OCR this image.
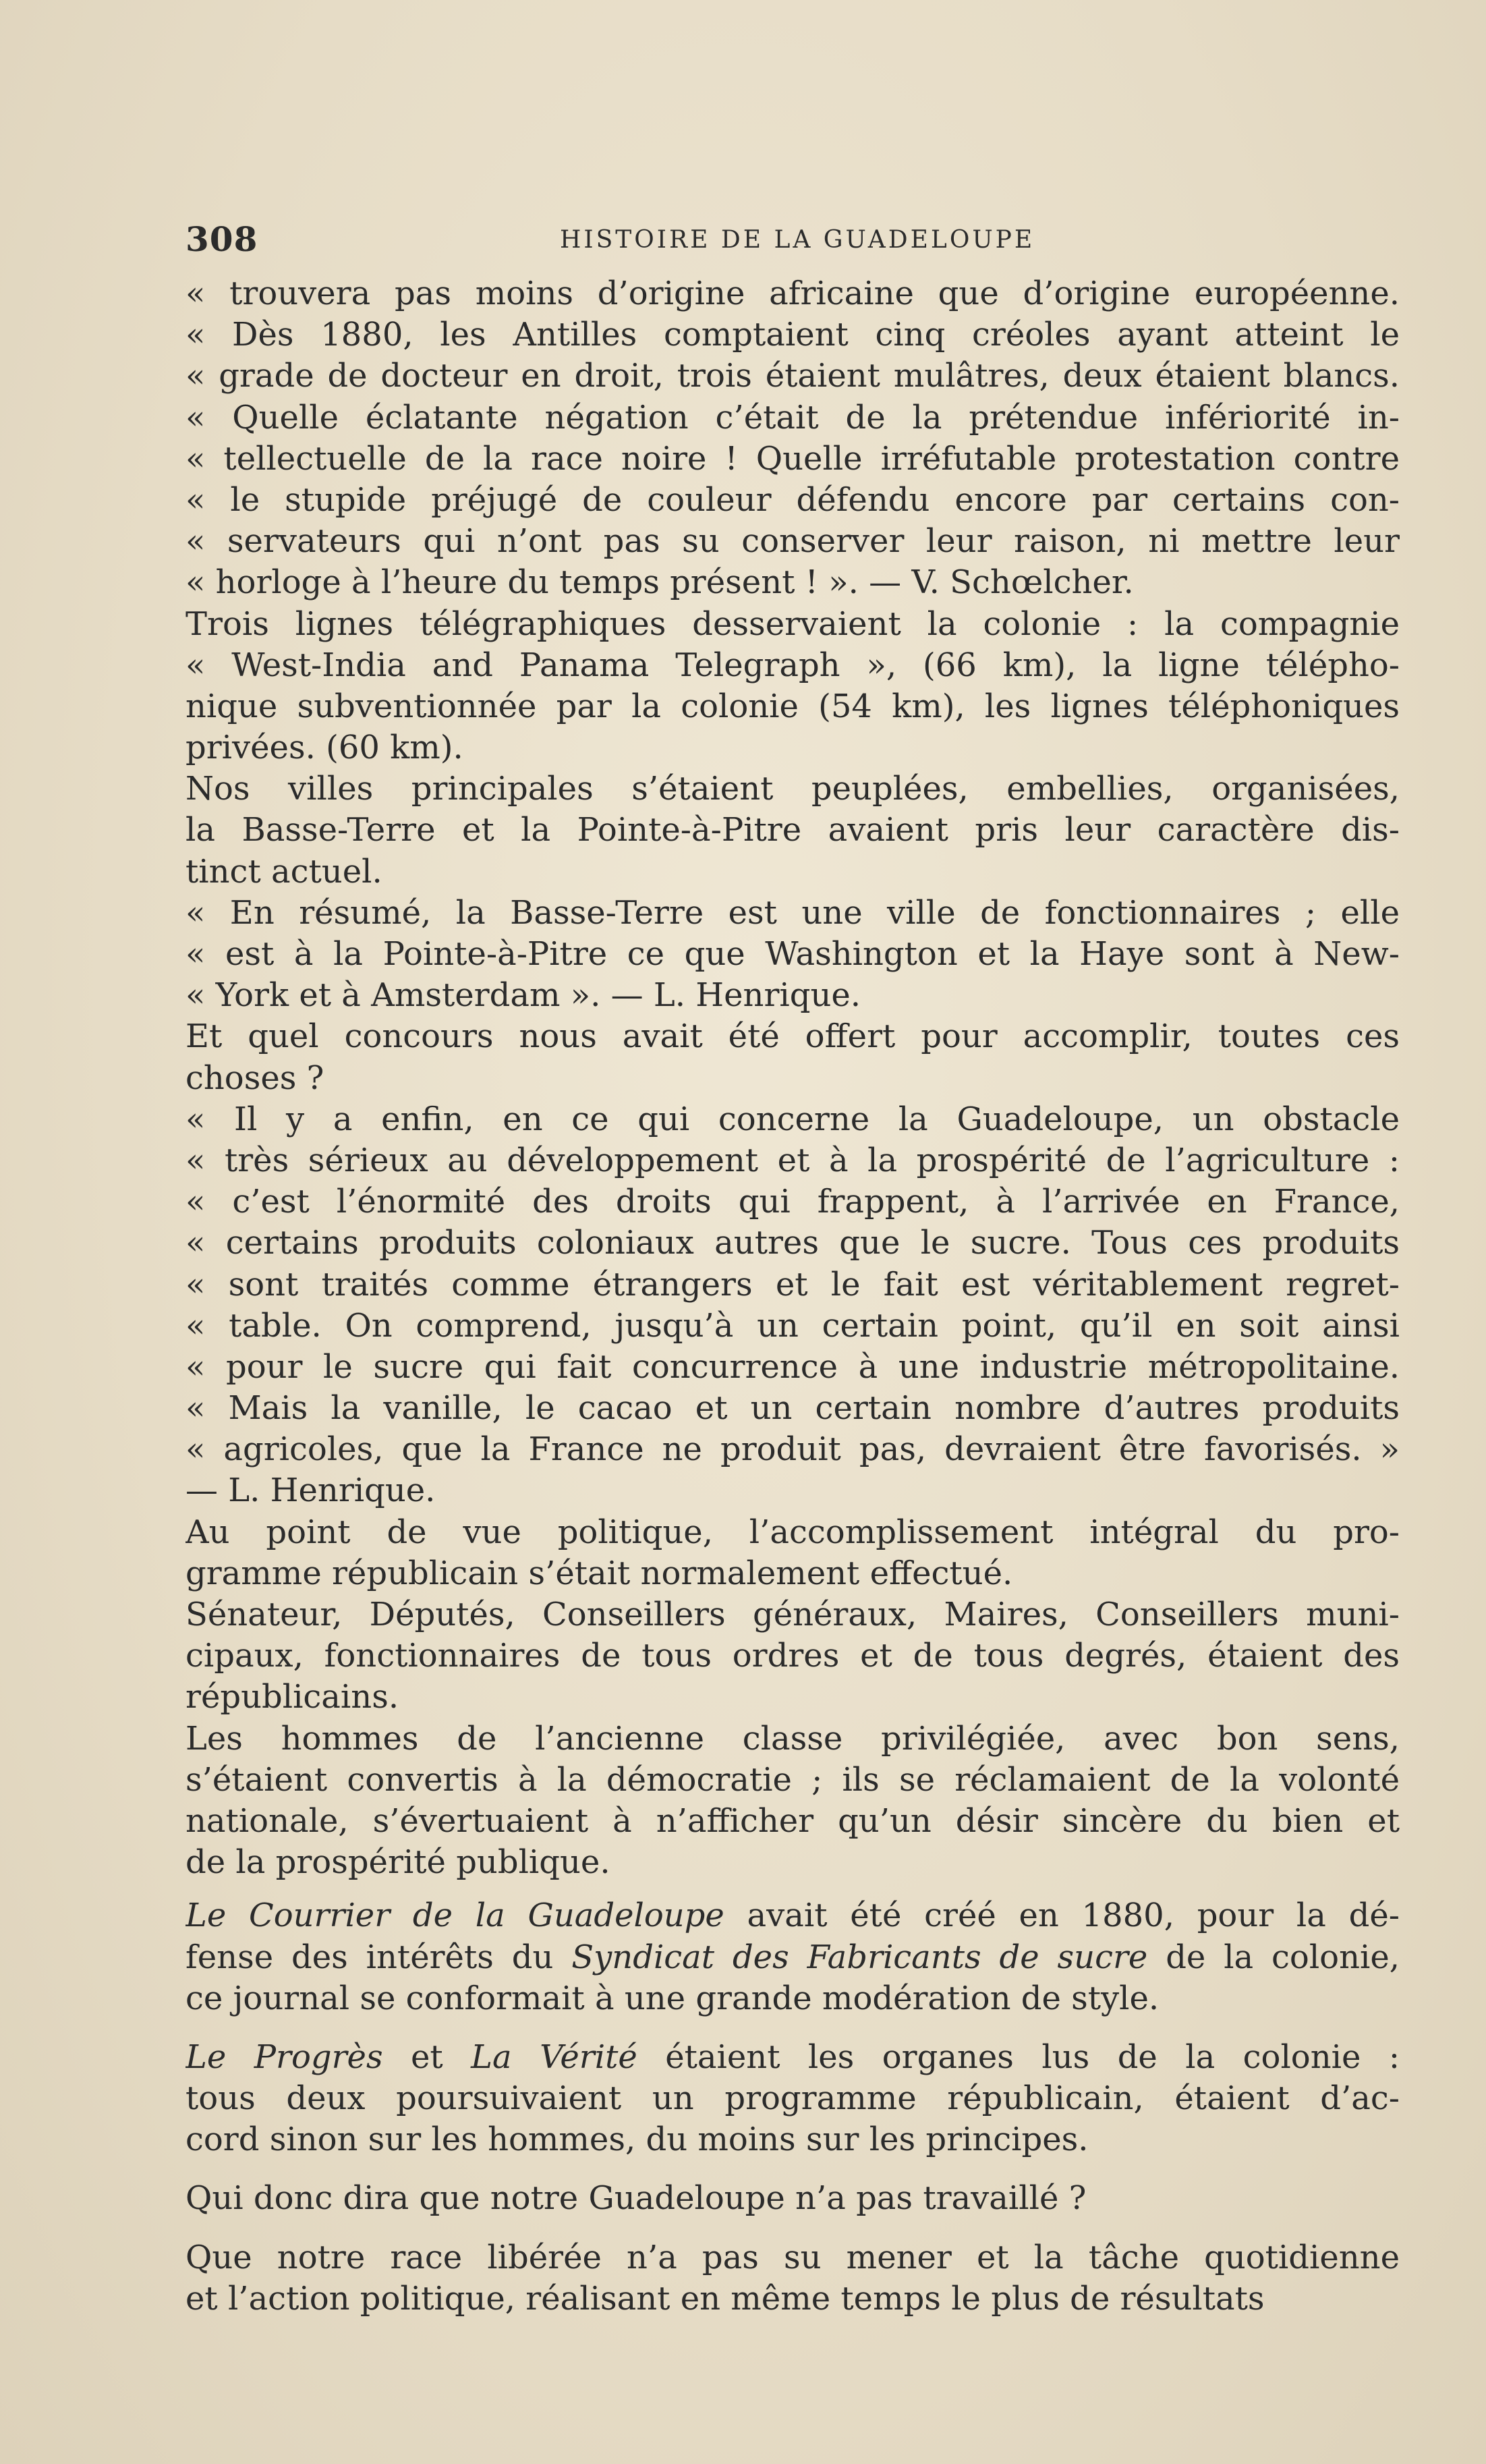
308	HISTOIRE DE LA GUADELOUPE
« trouvera pas moins d’origine africaine que d’origine européenne.
« Dès 1880, les Antilles comptaient cinq créoles ayant atteint le
« grade de docteur en droit, trois étaient mulâtres, deux étaient blancs.
« Quelle éclatante négation c’était de la prétendue infériorité in-
« tellectuelle de la race noire ! Quelle irréfutable protestation contre
« le stupide préjugé de couleur défendu encore par certains con-
« servateurs qui n’ont pas su conserver leur raison, ni mettre leur
« horloge à l’heure du temps présent ! ». — V. Schœlcher.
Trois lignes télégraphiques desservaient la colonie : la compagnie
« West-India and Panama Telegraph », (66 km), la ligne télépho-
nique subventionnée par la colonie (54 km), les lignes téléphoniques
privées. (60 km).
Nos villes principales s’étaient peuplées, embellies, organisées,
la Basse-Terre et la Pointe-à-Pitre avaient pris leur caractère dis-
tinct actuel.
« En résumé, la Basse-Terre est une ville de fonctionnaires ; elle
« est à la Pointe-à-Pitre ce que Washington et la Haye sont à New-
« York et à Amsterdam ». — L. Henrique.
Et quel concours nous avait été offert pour accomplir, toutes ces
choses ?
« Il y a enfin, en ce qui concerne la Guadeloupe, un obstacle
« très sérieux au développement et à la prospérité de l’agriculture :
« c’est l’énormité des droits qui frappent, à l’arrivée en France,
« certains produits coloniaux autres que le sucre. Tous ces produits
« sont traités comme étrangers et le fait est véritablement regret-
« table. On comprend, jusqu’à un certain point, qu’il en soit ainsi
« pour le sucre qui fait concurrence à une industrie métropolitaine.
« Mais la vanille, le cacao et un certain nombre d’autres produits
« agricoles, que la France ne produit pas, devraient être favorisés. »
— L. Henrique.
Au point de vue politique, l’accomplissement intégral du pro-
gramme républicain s’était normalement effectué.
Sénateur, Députés, Conseillers généraux, Maires, Conseillers muni-
cipaux, fonctionnaires de tous ordres et de tous degrés, étaient des
républicains.
Les hommes de l’ancienne classe privilégiée, avec bon sens,
s’étaient convertis à la démocratie ; ils se réclamaient de la volonté
nationale, s’évertuaient à n’afficher qu’un désir sincère du bien et
de la prospérité publique.
Le Courrier de la Guadeloupe avait été créé en 1880, pour la dé-
fense des intérêts du Syndicat des Fabricants de sucre de la colonie,
ce journal se conformait à une grande modération de style.
Le Progrès et La Vérité étaient les organes lus de la colonie :
tous deux poursuivaient un programme républicain, étaient d’ac-
cord sinon sur les hommes, du moins sur les principes.
Qui donc dira que notre Guadeloupe n’a pas travaillé ?
Que notre race libérée n’a pas su mener et la tâche quotidienne
et l’action politique, réalisant en même temps le plus de résultats
